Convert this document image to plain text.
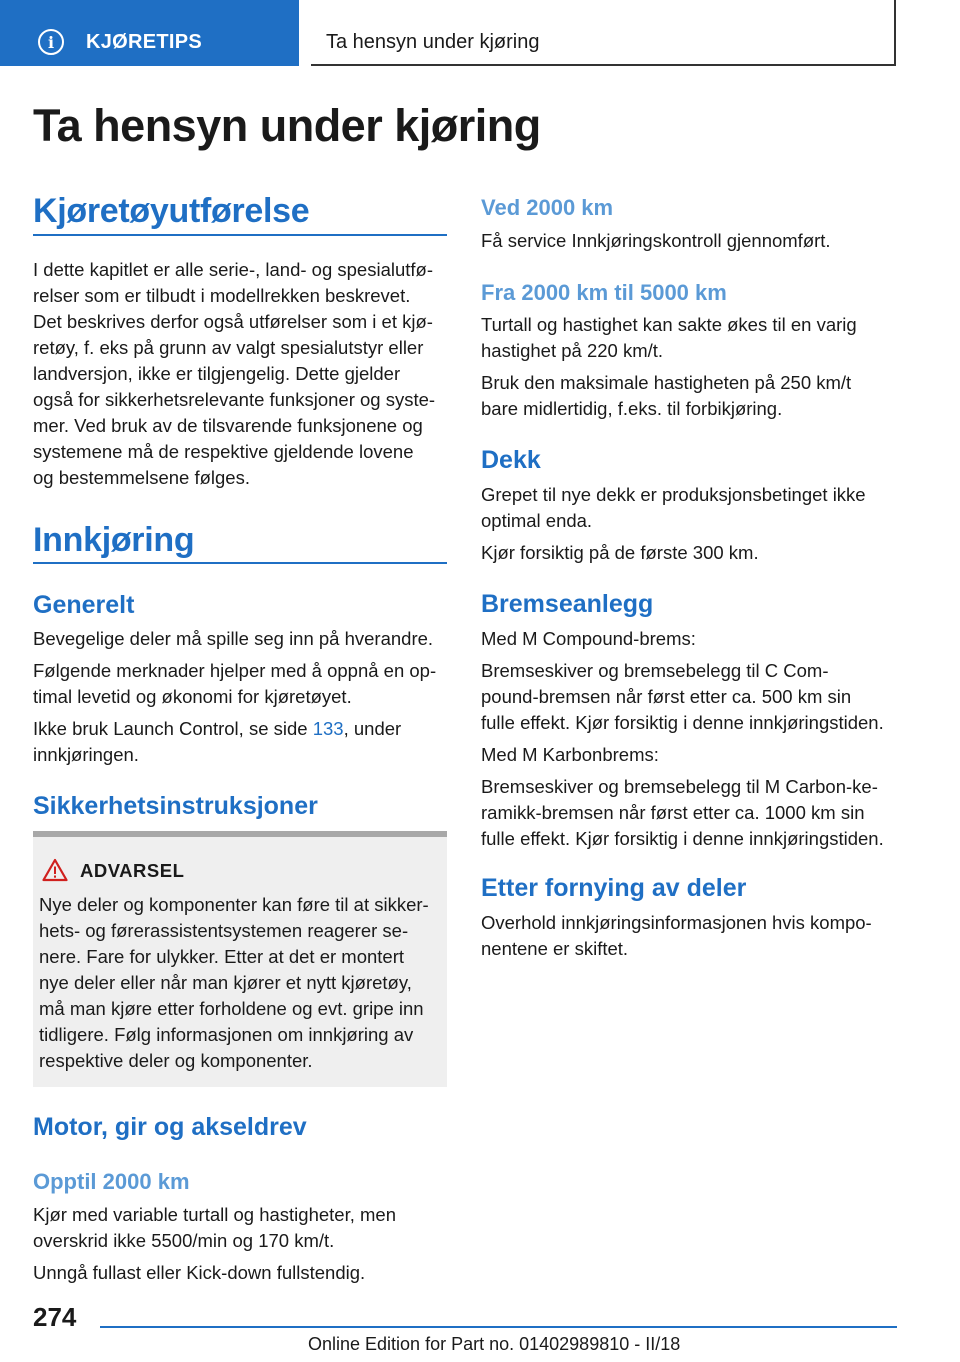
i	KJØRETIPS	Ta hensyn under kjøring
Ta hensyn under kjøring
Kjøretøyutførelse
I dette kapitlet er alle serie-, land- og spesialutfø-
relser som er tilbudt i modellrekken beskrevet.
Det beskrives derfor også utførelser som i et kjø-
retøy, f. eks på grunn av valgt spesialutstyr eller
landversjon, ikke er tilgjengelig. Dette gjelder
også for sikkerhetsrelevante funksjoner og syste-
mer. Ved bruk av de tilsvarende funksjonene og
systemene må de respektive gjeldende lovene
og bestemmelsene følges.
Innkjøring
Generelt
Bevegelige deler må spille seg inn på hverandre.
Følgende merknader hjelper med å oppnå en op-
timal levetid og økonomi for kjøretøyet.
Ikke bruk Launch Control, se side 133, under
innkjøringen.
Sikkerhetsinstruksjoner
ADVARSEL
Nye deler og komponenter kan føre til at sikker-
hets- og førerassistentsystemen reagerer se-
nere. Fare for ulykker. Etter at det er montert
nye deler eller når man kjører et nytt kjøretøy,
må man kjøre etter forholdene og evt. gripe inn
tidligere. Følg informasjonen om innkjøring av
respektive deler og komponenter.
Motor, gir og akseldrev
Opptil 2000 km
Kjør med variable turtall og hastigheter, men
overskrid ikke 5500/min og 170 km/t.
Unngå fullast eller Kick-down fullstendig.
Ved 2000 km
Få service Innkjøringskontroll gjennomført.
Fra 2000 km til 5000 km
Turtall og hastighet kan sakte økes til en varig
hastighet på 220 km/t.
Bruk den maksimale hastigheten på 250 km/t
bare midlertidig, f.eks. til forbikjøring.
Dekk
Grepet til nye dekk er produksjonsbetinget ikke
optimal enda.
Kjør forsiktig på de første 300 km.
Bremseanlegg
Med M Compound-brems:
Bremseskiver og bremsebelegg til C Com-
pound-bremsen når først etter ca. 500 km sin
fulle effekt. Kjør forsiktig i denne innkjøringstiden.
Med M Karbonbrems:
Bremseskiver og bremsebelegg til M Carbon-ke-
ramikk-bremsen når først etter ca. 1000 km sin
fulle effekt. Kjør forsiktig i denne innkjøringstiden.
Etter fornying av deler
Overhold innkjøringsinformasjonen hvis kompo-
nentene er skiftet.
274
Online Edition for Part no. 01402989810 - II/18
